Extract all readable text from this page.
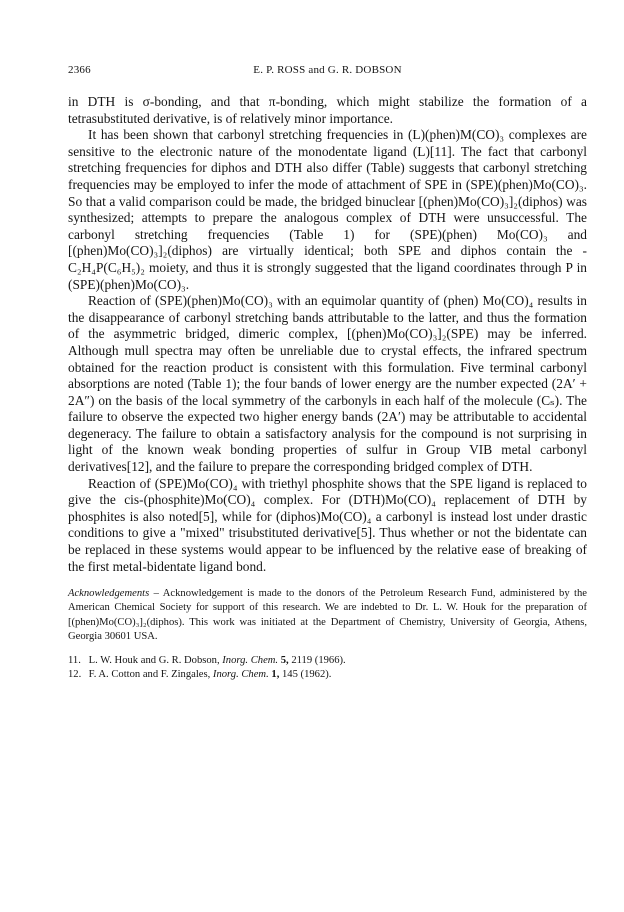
2366	E. P. ROSS and G. R. DOBSON

in DTH is σ-bonding, and that π-bonding, which might stabilize the formation of a tetrasubstituted derivative, is of relatively minor importance.

It has been shown that carbonyl stretching frequencies in (L)(phen)M(CO)₃ complexes are sensitive to the electronic nature of the monodentate ligand (L)[11]. The fact that carbonyl stretching frequencies for diphos and DTH also differ (Table) suggests that carbonyl stretching frequencies may be employed to infer the mode of attachment of SPE in (SPE)(phen)Mo(CO)₃. So that a valid comparison could be made, the bridged binuclear [(phen)Mo(CO)₃]₂(diphos) was synthesized; attempts to prepare the analogous complex of DTH were unsuccessful. The carbonyl stretching frequencies (Table 1) for (SPE)(phen) Mo(CO)₃ and [(phen)Mo(CO)₃]₂(diphos) are virtually identical; both SPE and diphos contain the -C₂H₄P(C₆H₅)₂ moiety, and thus it is strongly suggested that the ligand coordinates through P in (SPE)(phen)Mo(CO)₃.

Reaction of (SPE)(phen)Mo(CO)₃ with an equimolar quantity of (phen) Mo(CO)₄ results in the disappearance of carbonyl stretching bands attributable to the latter, and thus the formation of the asymmetric bridged, dimeric complex, [(phen)Mo(CO)₃]₂(SPE) may be inferred. Although mull spectra may often be unreliable due to crystal effects, the infrared spectrum obtained for the reaction product is consistent with this formulation. Five terminal carbonyl absorptions are noted (Table 1); the four bands of lower energy are the number expected (2A′ + 2A″) on the basis of the local symmetry of the carbonyls in each half of the molecule (Cₛ). The failure to observe the expected two higher energy bands (2A′) may be attributable to accidental degeneracy. The failure to obtain a satisfactory analysis for the compound is not surprising in light of the known weak bonding properties of sulfur in Group VIB metal carbonyl derivatives[12], and the failure to prepare the corresponding bridged complex of DTH.

Reaction of (SPE)Mo(CO)₄ with triethyl phosphite shows that the SPE ligand is replaced to give the cis-(phosphite)Mo(CO)₄ complex. For (DTH)Mo(CO)₄ replacement of DTH by phosphites is also noted[5], while for (diphos)Mo(CO)₄ a carbonyl is instead lost under drastic conditions to give a "mixed" trisubstituted derivative[5]. Thus whether or not the bidentate can be replaced in these systems would appear to be influenced by the relative ease of breaking of the first metal-bidentate ligand bond.

Acknowledgements – Acknowledgement is made to the donors of the Petroleum Research Fund, administered by the American Chemical Society for support of this research. We are indebted to Dr. L. W. Houk for the preparation of [(phen)Mo(CO)₃]₂(diphos). This work was initiated at the Department of Chemistry, University of Georgia, Athens, Georgia 30601 USA.
11. L. W. Houk and G. R. Dobson, Inorg. Chem. 5, 2119 (1966).
12. F. A. Cotton and F. Zingales, Inorg. Chem. 1, 145 (1962).
